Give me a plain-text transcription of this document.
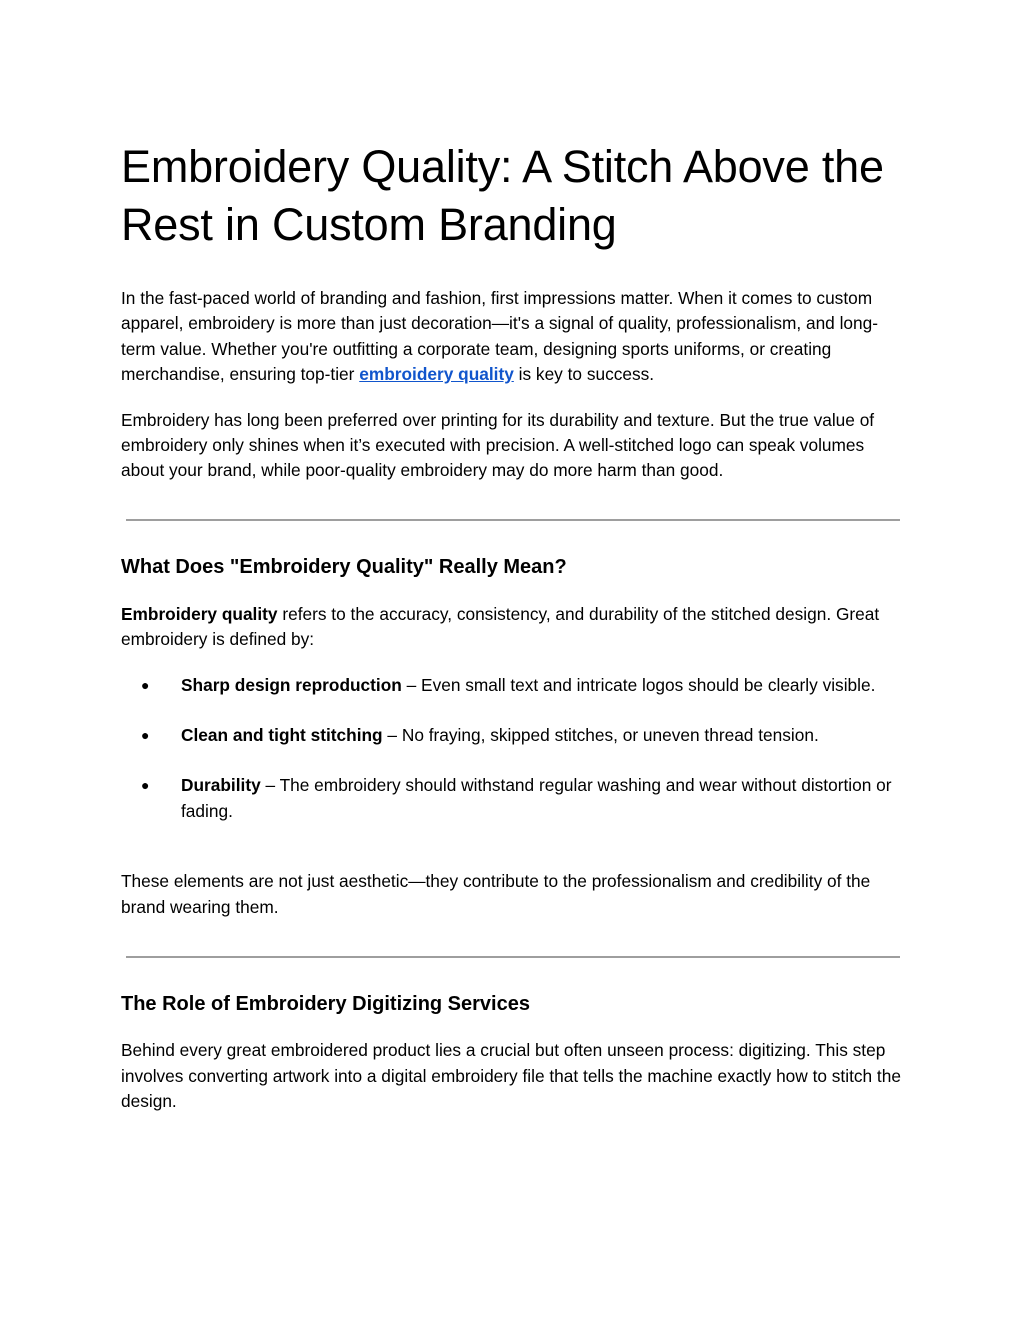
Embroidery Quality: A Stitch Above the Rest in Custom Branding

In the fast-paced world of branding and fashion, first impressions matter. When it comes to custom apparel, embroidery is more than just decoration—it's a signal of quality, professionalism, and long-term value. Whether you're outfitting a corporate team, designing sports uniforms, or creating merchandise, ensuring top-tier embroidery quality is key to success.

Embroidery has long been preferred over printing for its durability and texture. But the true value of embroidery only shines when it’s executed with precision. A well-stitched logo can speak volumes about your brand, while poor-quality embroidery may do more harm than good.

What Does "Embroidery Quality" Really Mean?

Embroidery quality refers to the accuracy, consistency, and durability of the stitched design. Great embroidery is defined by:

● Sharp design reproduction – Even small text and intricate logos should be clearly visible.
● Clean and tight stitching – No fraying, skipped stitches, or uneven thread tension.
● Durability – The embroidery should withstand regular washing and wear without distortion or fading.

These elements are not just aesthetic—they contribute to the professionalism and credibility of the brand wearing them.

The Role of Embroidery Digitizing Services

Behind every great embroidered product lies a crucial but often unseen process: digitizing. This step involves converting artwork into a digital embroidery file that tells the machine exactly how to stitch the design.
